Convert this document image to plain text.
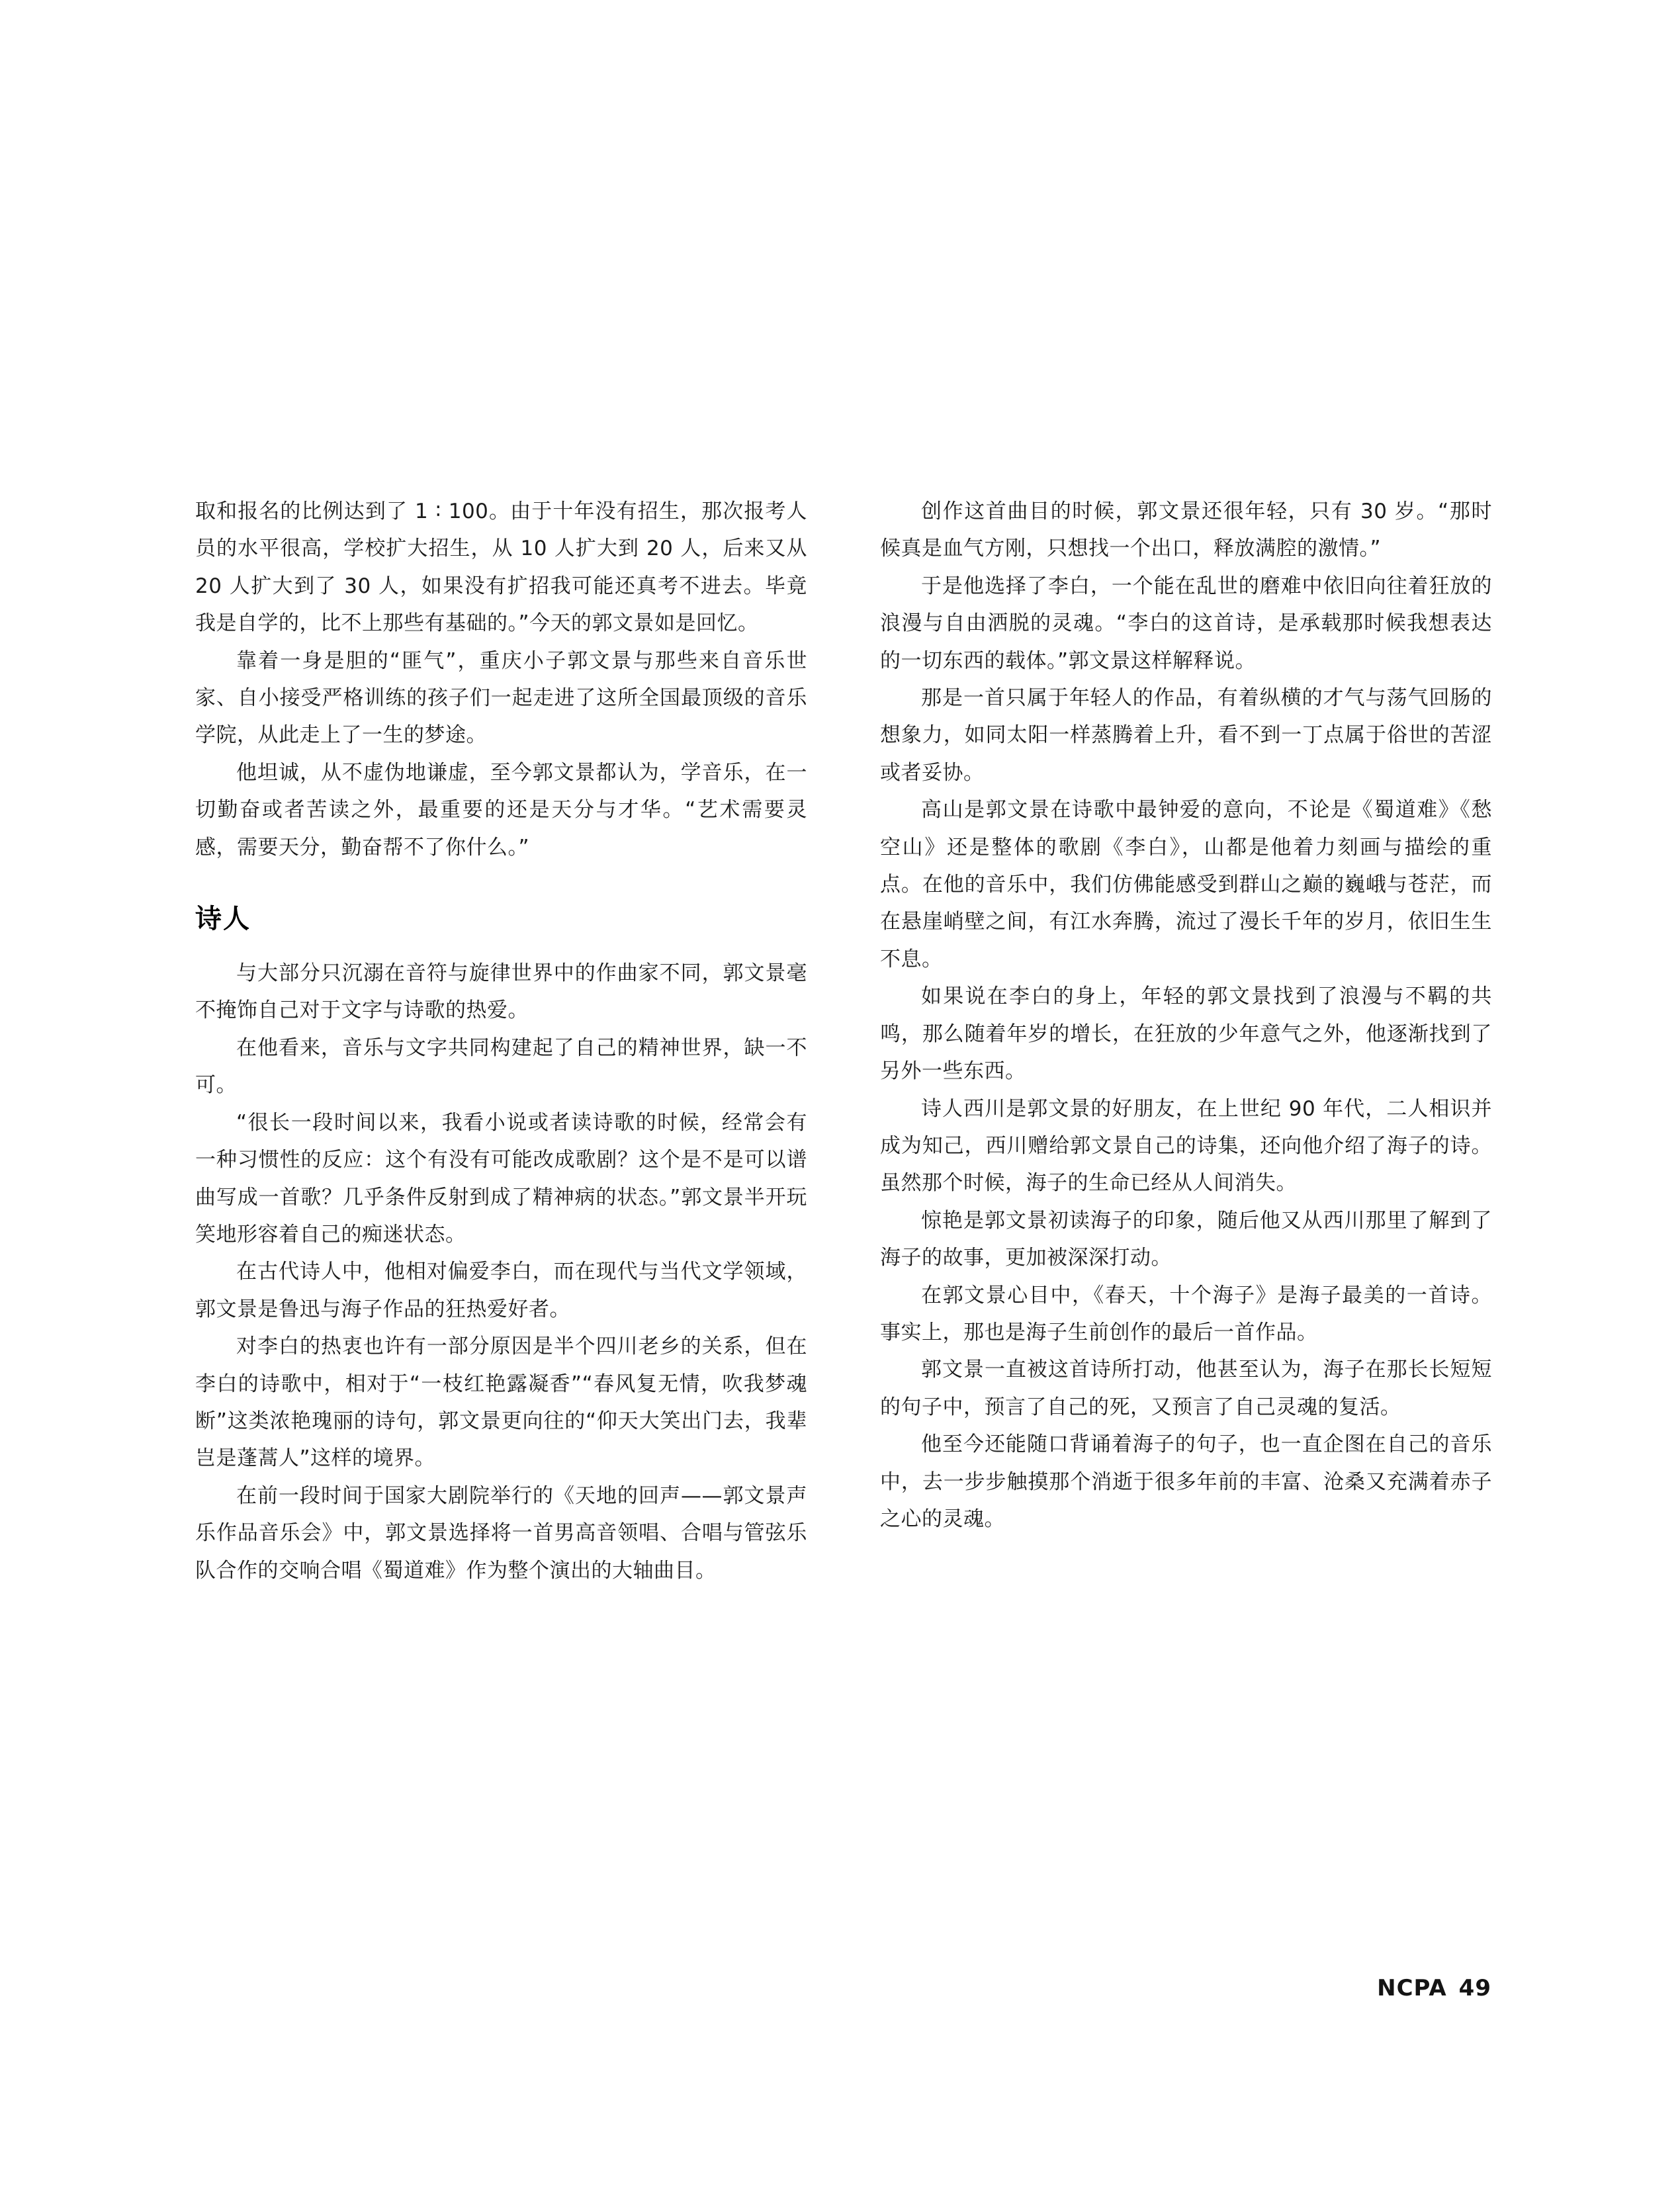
取和报名的比例达到了 1 ∶ 100。由于十年没有招生，那次报考人员的水平很高，学校扩大招生，从 10 人扩大到 20 人，后来又从 20 人扩大到了 30 人，如果没有扩招我可能还真考不进去。毕竟我是自学的，比不上那些有基础的。”今天的郭文景如是回忆。

靠着一身是胆的“匪气”，重庆小子郭文景与那些来自音乐世家、自小接受严格训练的孩子们一起走进了这所全国最顶级的音乐学院，从此走上了一生的梦途。

他坦诚，从不虚伪地谦虚，至今郭文景都认为，学音乐，在一切勤奋或者苦读之外，最重要的还是天分与才华。“艺术需要灵感，需要天分，勤奋帮不了你什么。”

诗人

与大部分只沉溺在音符与旋律世界中的作曲家不同，郭文景毫不掩饰自己对于文字与诗歌的热爱。

在他看来，音乐与文字共同构建起了自己的精神世界，缺一不可。

“很长一段时间以来，我看小说或者读诗歌的时候，经常会有一种习惯性的反应：这个有没有可能改成歌剧？这个是不是可以谱曲写成一首歌？几乎条件反射到成了精神病的状态。”郭文景半开玩笑地形容着自己的痴迷状态。

在古代诗人中，他相对偏爱李白，而在现代与当代文学领域，郭文景是鲁迅与海子作品的狂热爱好者。

对李白的热衷也许有一部分原因是半个四川老乡的关系，但在李白的诗歌中，相对于“一枝红艳露凝香”“春风复无情，吹我梦魂断”这类浓艳瑰丽的诗句，郭文景更向往的“仰天大笑出门去，我辈岂是蓬蒿人”这样的境界。

在前一段时间于国家大剧院举行的《天地的回声——郭文景声乐作品音乐会》中，郭文景选择将一首男高音领唱、合唱与管弦乐队合作的交响合唱《蜀道难》作为整个演出的大轴曲目。

创作这首曲目的时候，郭文景还很年轻，只有 30 岁。“那时候真是血气方刚，只想找一个出口，释放满腔的激情。”

于是他选择了李白，一个能在乱世的磨难中依旧向往着狂放的浪漫与自由洒脱的灵魂。“李白的这首诗，是承载那时候我想表达的一切东西的载体。”郭文景这样解释说。

那是一首只属于年轻人的作品，有着纵横的才气与荡气回肠的想象力，如同太阳一样蒸腾着上升，看不到一丁点属于俗世的苦涩或者妥协。

高山是郭文景在诗歌中最钟爱的意向，不论是《蜀道难》《愁空山》还是整体的歌剧《李白》，山都是他着力刻画与描绘的重点。在他的音乐中，我们仿佛能感受到群山之巅的巍峨与苍茫，而在悬崖峭壁之间，有江水奔腾，流过了漫长千年的岁月，依旧生生不息。

如果说在李白的身上，年轻的郭文景找到了浪漫与不羁的共鸣，那么随着年岁的增长，在狂放的少年意气之外，他逐渐找到了另外一些东西。

诗人西川是郭文景的好朋友，在上世纪 90 年代，二人相识并成为知己，西川赠给郭文景自己的诗集，还向他介绍了海子的诗。虽然那个时候，海子的生命已经从人间消失。

惊艳是郭文景初读海子的印象，随后他又从西川那里了解到了海子的故事，更加被深深打动。

在郭文景心目中，《春天，十个海子》是海子最美的一首诗。事实上，那也是海子生前创作的最后一首作品。

郭文景一直被这首诗所打动，他甚至认为，海子在那长长短短的句子中，预言了自己的死，又预言了自己灵魂的复活。

他至今还能随口背诵着海子的句子，也一直企图在自己的音乐中，去一步步触摸那个消逝于很多年前的丰富、沧桑又充满着赤子之心的灵魂。

NCPA 49
